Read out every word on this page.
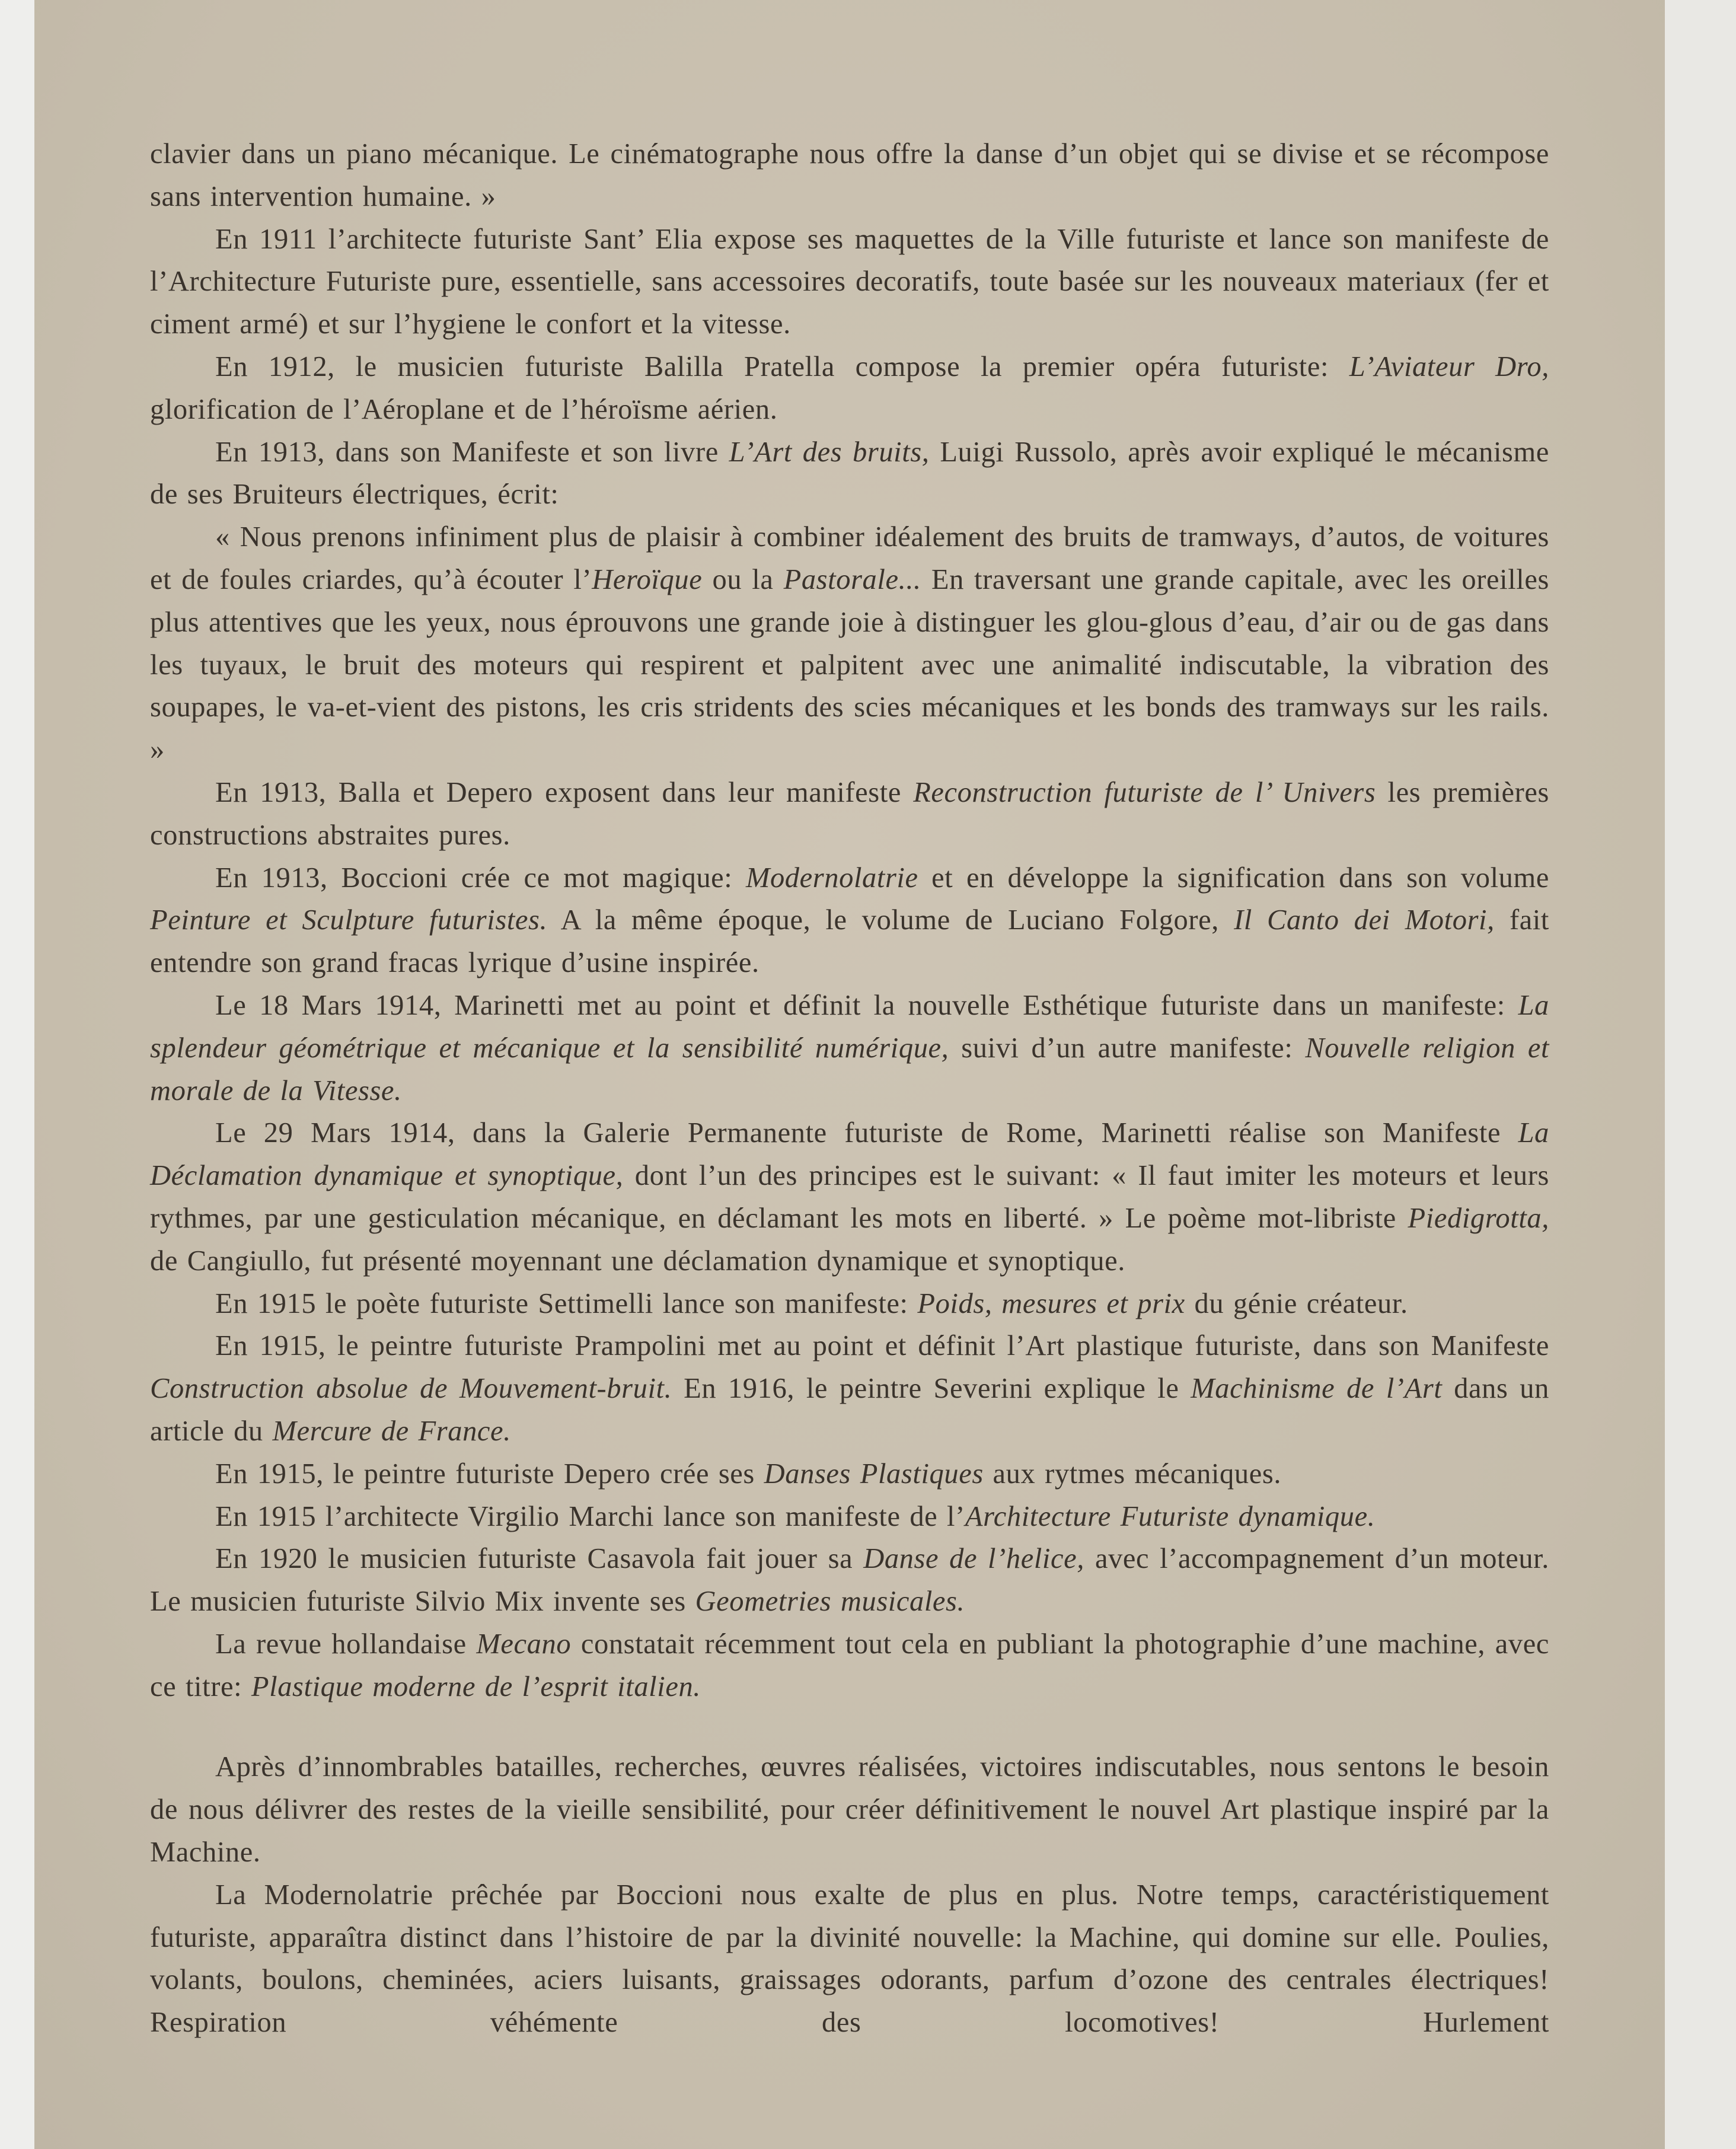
clavier dans un piano mécanique. Le cinématographe nous offre la danse d’un objet qui se divise et se récompose sans intervention humaine. »

En 1911 l’architecte futuriste Sant’ Elia expose ses maquettes de la Ville futuriste et lance son manifeste de l’Architecture Futuriste pure, essentielle, sans accessoires decoratifs, toute basée sur les nouveaux materiaux (fer et ciment armé) et sur l’hygiene le confort et la vitesse.

En 1912, le musicien futuriste Balilla Pratella compose la premier opéra futuriste: L’Aviateur Dro, glorification de l’Aéroplane et de l’héroïsme aérien.

En 1913, dans son Manifeste et son livre L’Art des bruits, Luigi Russolo, après avoir expliqué le mécanisme de ses Bruiteurs électriques, écrit:

« Nous prenons infiniment plus de plaisir à combiner idéalement des bruits de tramways, d’autos, de voitures et de foules criardes, qu’à écouter l’Heroïque ou la Pastorale... En traversant une grande capitale, avec les oreilles plus attentives que les yeux, nous éprouvons une grande joie à distinguer les glou-glous d’eau, d’air ou de gas dans les tuyaux, le bruit des moteurs qui respirent et palpitent avec une animalité indiscutable, la vibration des soupapes, le va-et-vient des pistons, les cris stridents des scies mécaniques et les bonds des tramways sur les rails. »

En 1913, Balla et Depero exposent dans leur manifeste Reconstruction futuriste de l’ Univers les premières constructions abstraites pures.

En 1913, Boccioni crée ce mot magique: Modernolatrie et en développe la signification dans son volume Peinture et Sculpture futuristes. A la même époque, le volume de Luciano Folgore, Il Canto dei Motori, fait entendre son grand fracas lyrique d’usine inspirée.

Le 18 Mars 1914, Marinetti met au point et définit la nouvelle Esthétique futuriste dans un manifeste: La splendeur géométrique et mécanique et la sensibilité numérique, suivi d’un autre manifeste: Nouvelle religion et morale de la Vitesse.

Le 29 Mars 1914, dans la Galerie Permanente futuriste de Rome, Marinetti réalise son Manifeste La Déclamation dynamique et synoptique, dont l’un des principes est le suivant: « Il faut imiter les moteurs et leurs rythmes, par une gesticulation mécanique, en déclamant les mots en liberté. » Le poème mot-libriste Piedigrotta, de Cangiullo, fut présenté moyennant une déclamation dynamique et synoptique.

En 1915 le poète futuriste Settimelli lance son manifeste: Poids, mesures et prix du génie créateur.

En 1915, le peintre futuriste Prampolini met au point et définit l’Art plastique futuriste, dans son Manifeste Construction absolue de Mouvement-bruit. En 1916, le peintre Severini explique le Machinisme de l’Art dans un article du Mercure de France.

En 1915, le peintre futuriste Depero crée ses Danses Plastiques aux rytmes mécaniques.

En 1915 l’architecte Virgilio Marchi lance son manifeste de l’Architecture Futuriste dynamique.

En 1920 le musicien futuriste Casavola fait jouer sa Danse de l’helice, avec l’accompagnement d’un moteur. Le musicien futuriste Silvio Mix invente ses Geometries musicales.

La revue hollandaise Mecano constatait récemment tout cela en publiant la photographie d’une machine, avec ce titre: Plastique moderne de l’esprit italien.

Après d’innombrables batailles, recherches, œuvres réalisées, victoires indiscutables, nous sentons le besoin de nous délivrer des restes de la vieille sensibilité, pour créer définitivement le nouvel Art plastique inspiré par la Machine.

La Modernolatrie prêchée par Boccioni nous exalte de plus en plus. Notre temps, caractéristiquement futuriste, apparaîtra distinct dans l’histoire de par la divinité nouvelle: la Machine, qui domine sur elle. Poulies, volants, boulons, cheminées, aciers luisants, graissages odorants, parfum d’ozone des centrales électriques! Respiration véhémente des locomotives! Hurlement
